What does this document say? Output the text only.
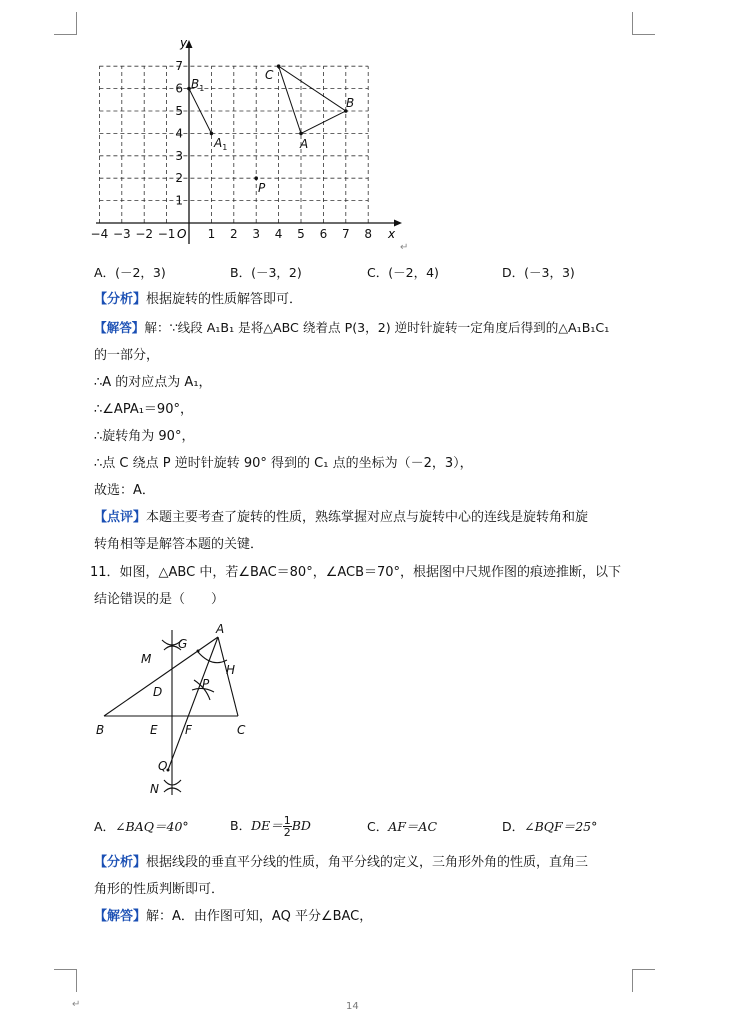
−4 −3 −2 −1	1 2 3 4 5 6 7 8
1
2
3
4
5
6
7
x
y
O
A
B
C
$A_1$
$B_1$
P
↵
A．(－2，3)	B．(－3，2)	C．(－2，4)	D．(－3，3)
【分析】根据旋转的性质解答即可．
【解答】解：∵线段 A₁B₁ 是将△ABC 绕着点 P(3，2) 逆时针旋转一定角度后得到的△A₁B₁C₁
的一部分，
∴A 的对应点为 A₁，
∴∠APA₁＝90°，
∴旋转角为 90°，
∴点 C 绕点 P 逆时针旋转 90° 得到的 C₁ 点的坐标为（－2，3），
故选：A．
【点评】本题主要考查了旋转的性质，熟练掌握对应点与旋转中心的连线是旋转角和旋
转角相等是解答本题的关键．
11．如图，△ABC 中，若∠BAC＝80°，∠ACB＝70°，根据图中尺规作图的痕迹推断，以下
结论错误的是（　　）
A
B	C
G
M
H
D
P
E F
Q
N
A．∠BAQ＝40°	B．$DE= \frac{1}{2}$ BD	C．AF＝AC	D．∠BQF＝25°
【分析】根据线段的垂直平分线的性质，角平分线的定义，三角形外角的性质，直角三
角形的性质判断即可．
【解答】解：A．由作图可知，AQ 平分∠BAC，
14
↵
